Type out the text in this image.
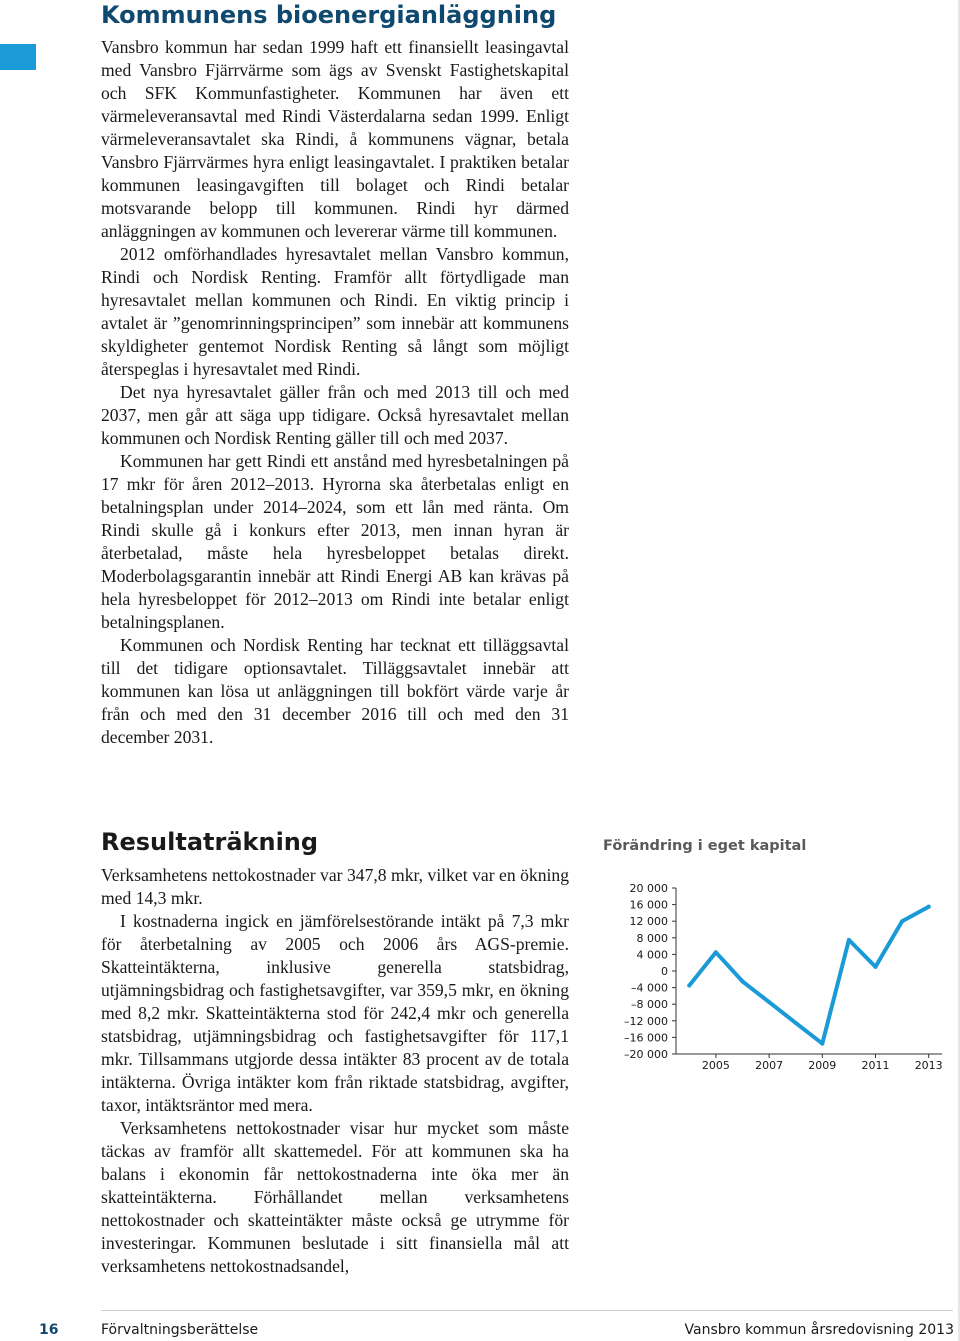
Kommunens bioenergianläggning

Vansbro kommun har sedan 1999 haft ett finansiellt leasingavtal med Vansbro Fjärrvärme som ägs av Svenskt Fastighetskapital och SFK Kommunfastigheter. Kommunen har även ett värmeleveransavtal med Rindi Västerdalarna sedan 1999. Enligt värmeleveransavtalet ska Rindi, å kommunens vägnar, betala Vansbro Fjärrvärmes hyra enligt leasingavtalet. I praktiken betalar kommunen leasingavgiften till bolaget och Rindi betalar motsvarande belopp till kommunen. Rindi hyr därmed anläggningen av kommunen och levererar värme till kommunen.

2012 omförhandlades hyresavtalet mellan Vansbro kommun, Rindi och Nordisk Renting. Framför allt förtydligade man hyresavtalet mellan kommunen och Rindi. En viktig princip i avtalet är ”genomrinningsprincipen” som innebär att kommunens skyldigheter gentemot Nordisk Renting så långt som möjligt återspeglas i hyresavtalet med Rindi.

Det nya hyresavtalet gäller från och med 2013 till och med 2037, men går att säga upp tidigare. Också hyresavtalet mellan kommunen och Nordisk Renting gäller till och med 2037.

Kommunen har gett Rindi ett anstånd med hyresbetalningen på 17 mkr för åren 2012–2013. Hyrorna ska återbetalas enligt en betalningsplan under 2014–2024, som ett lån med ränta. Om Rindi skulle gå i konkurs efter 2013, men innan hyran är återbetalad, måste hela hyresbeloppet betalas direkt. Moderbolagsgarantin innebär att Rindi Energi AB kan krävas på hela hyresbeloppet för 2012–2013 om Rindi inte betalar enligt betalningsplanen.

Kommunen och Nordisk Renting har tecknat ett tilläggsavtal till det tidigare optionsavtalet. Tilläggsavtalet innebär att kommunen kan lösa ut anläggningen till bokfört värde varje år från och med den 31 december 2016 till och med den 31 december 2031.

Resultaträkning

Verksamhetens nettokostnader var 347,8 mkr, vilket var en ökning med 14,3 mkr.

I kostnaderna ingick en jämförelsestörande intäkt på 7,3 mkr för återbetalning av 2005 och 2006 års AGS-premie. Skatteintäkterna, inklusive generella statsbidrag, utjämningsbidrag och fastighetsavgifter, var 359,5 mkr, en ökning med 8,2 mkr. Skatteintäkterna stod för 242,4 mkr och generella statsbidrag, utjämningsbidrag och fastighetsavgifter för 117,1 mkr. Tillsammans utgjorde dessa intäkter 83 procent av de totala intäkterna. Övriga intäkter kom från riktade statsbidrag, avgifter, taxor, intäktsräntor med mera.

Verksamhetens nettokostnader visar hur mycket som måste täckas av framför allt skattemedel. För att kommunen ska ha balans i ekonomin får nettokostnaderna inte öka mer än skatteintäkterna. Förhållandet mellan verksamhetens nettokostnader och skatteintäkter måste också ge utrymme för investeringar. Kommunen beslutade i sitt finansiella mål att verksamhetens nettokostnadsandel,

Förändring i eget kapital
20 000
16 000
12 000
8 000
4 000
0
–4 000
–8 000
–12 000
–16 000
–20 000
2005 2007 2009 2011 2013
16	Förvaltningsberättelse	Vansbro kommun årsredovisning 2013
